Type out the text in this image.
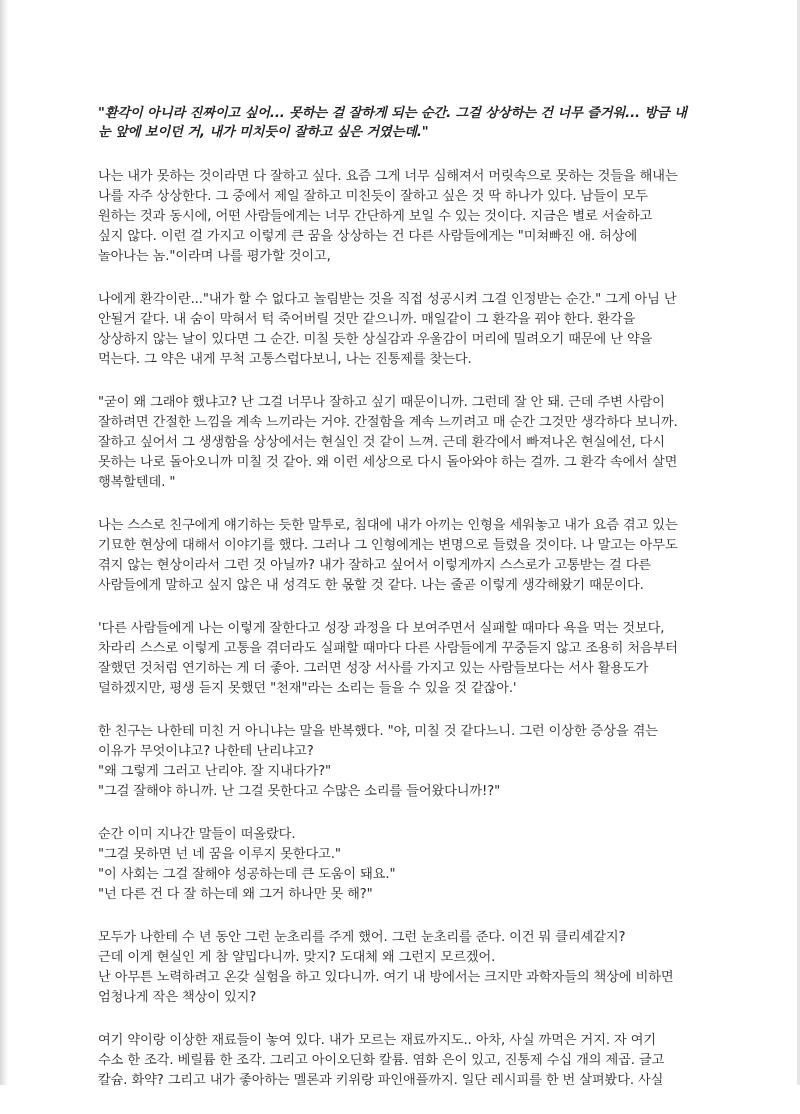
"환각이 아니라 진짜이고 싶어... 못하는 걸 잘하게 되는 순간. 그걸 상상하는 건 너무 즐거워... 방금 내
눈 앞에 보이던 거, 내가 미치듯이 잘하고 싶은 거였는데."
나는 내가 못하는 것이라면 다 잘하고 싶다. 요즘 그게 너무 심해져서 머릿속으로 못하는 것들을 해내는
나를 자주 상상한다. 그 중에서 제일 잘하고 미친듯이 잘하고 싶은 것 딱 하나가 있다. 남들이 모두
원하는 것과 동시에, 어떤 사람들에게는 너무 간단하게 보일 수 있는 것이다. 지금은 별로 서술하고
싶지 않다. 이런 걸 가지고 이렇게 큰 꿈을 상상하는 건 다른 사람들에게는 "미쳐빠진 애. 허상에
놀아나는 놈."이라며 나를 평가할 것이고,
나에게 환각이란..."내가 할 수 없다고 놀림받는 것을 직접 성공시켜 그걸 인정받는 순간." 그게 아님 난
안될거 같다. 내 숨이 막혀서 턱 죽어버릴 것만 같으니까. 매일같이 그 환각을 꿔야 한다. 환각을
상상하지 않는 날이 있다면 그 순간. 미칠 듯한 상실감과 우울감이 머리에 밀려오기 때문에 난 약을
먹는다. 그 약은 내게 무척 고통스럽다보니, 나는 진통제를 찾는다.
"굳이 왜 그래야 했냐고? 난 그걸 너무나 잘하고 싶기 때문이니까. 그런데 잘 안 돼. 근데 주변 사람이
잘하려면 간절한 느낌을 계속 느끼라는 거야. 간절함을 계속 느끼려고 매 순간 그것만 생각하다 보니까.
잘하고 싶어서 그 생생함을 상상에서는 현실인 것 같이 느껴. 근데 환각에서 빠져나온 현실에선, 다시
못하는 나로 돌아오니까 미칠 것 같아. 왜 이런 세상으로 다시 돌아와야 하는 걸까. 그 환각 속에서 살면
행복할텐데. "
나는 스스로 친구에게 얘기하는 듯한 말투로, 침대에 내가 아끼는 인형을 세워놓고 내가 요즘 겪고 있는
기묘한 현상에 대해서 이야기를 했다. 그러나 그 인형에게는 변명으로 들렸을 것이다. 나 말고는 아무도
겪지 않는 현상이라서 그런 것 아닐까? 내가 잘하고 싶어서 이렇게까지 스스로가 고통받는 걸 다른
사람들에게 말하고 싶지 않은 내 성격도 한 몫할 것 같다. 나는 줄곧 이렇게 생각해왔기 때문이다.
'다른 사람들에게 나는 이렇게 잘한다고 성장 과정을 다 보여주면서 실패할 때마다 욕을 먹는 것보다,
차라리 스스로 이렇게 고통을 겪더라도 실패할 때마다 다른 사람들에게 꾸중듣지 않고 조용히 처음부터
잘했던 것처럼 연기하는 게 더 좋아. 그러면 성장 서사를 가지고 있는 사람들보다는 서사 활용도가
덜하겠지만, 평생 듣지 못했던 "천재"라는 소리는 들을 수 있을 것 같잖아.'
한 친구는 나한테 미친 거 아니냐는 말을 반복했다. "야, 미칠 것 같다느니. 그런 이상한 증상을 겪는
이유가 무엇이냐고? 나한테 난리냐고?
"왜 그렇게 그러고 난리야. 잘 지내다가?"
"그걸 잘해야 하니까. 난 그걸 못한다고 수많은 소리를 들어왔다니까!?"
순간 이미 지나간 말들이 떠올랐다.
"그걸 못하면 넌 네 꿈을 이루지 못한다고."
"이 사회는 그걸 잘해야 성공하는데 큰 도움이 돼요."
"넌 다른 건 다 잘 하는데 왜 그거 하나만 못 해?"
모두가 나한테 수 년 동안 그런 눈초리를 주게 했어. 그런 눈초리를 준다. 이건 뭐 클리셰같지?
근데 이게 현실인 게 참 얄밉다니까. 맞지? 도대체 왜 그런지 모르겠어.
난 아무튼 노력하려고 온갖 실험을 하고 있다니까. 여기 내 방에서는 크지만 과학자들의 책상에 비하면
엄청나게 작은 책상이 있지?
여기 약이랑 이상한 재료들이 놓여 있다. 내가 모르는 재료까지도.. 아차, 사실 까먹은 거지. 자 여기
수소 한 조각. 베릴륨 한 조각. 그리고 아이오딘화 칼륨. 염화 은이 있고, 진통제 수십 개의 제곱. 글고
칼슘. 화약? 그리고 내가 좋아하는 멜론과 키위랑 파인애플까지. 일단 레시피를 한 번 살펴봤다. 사실
